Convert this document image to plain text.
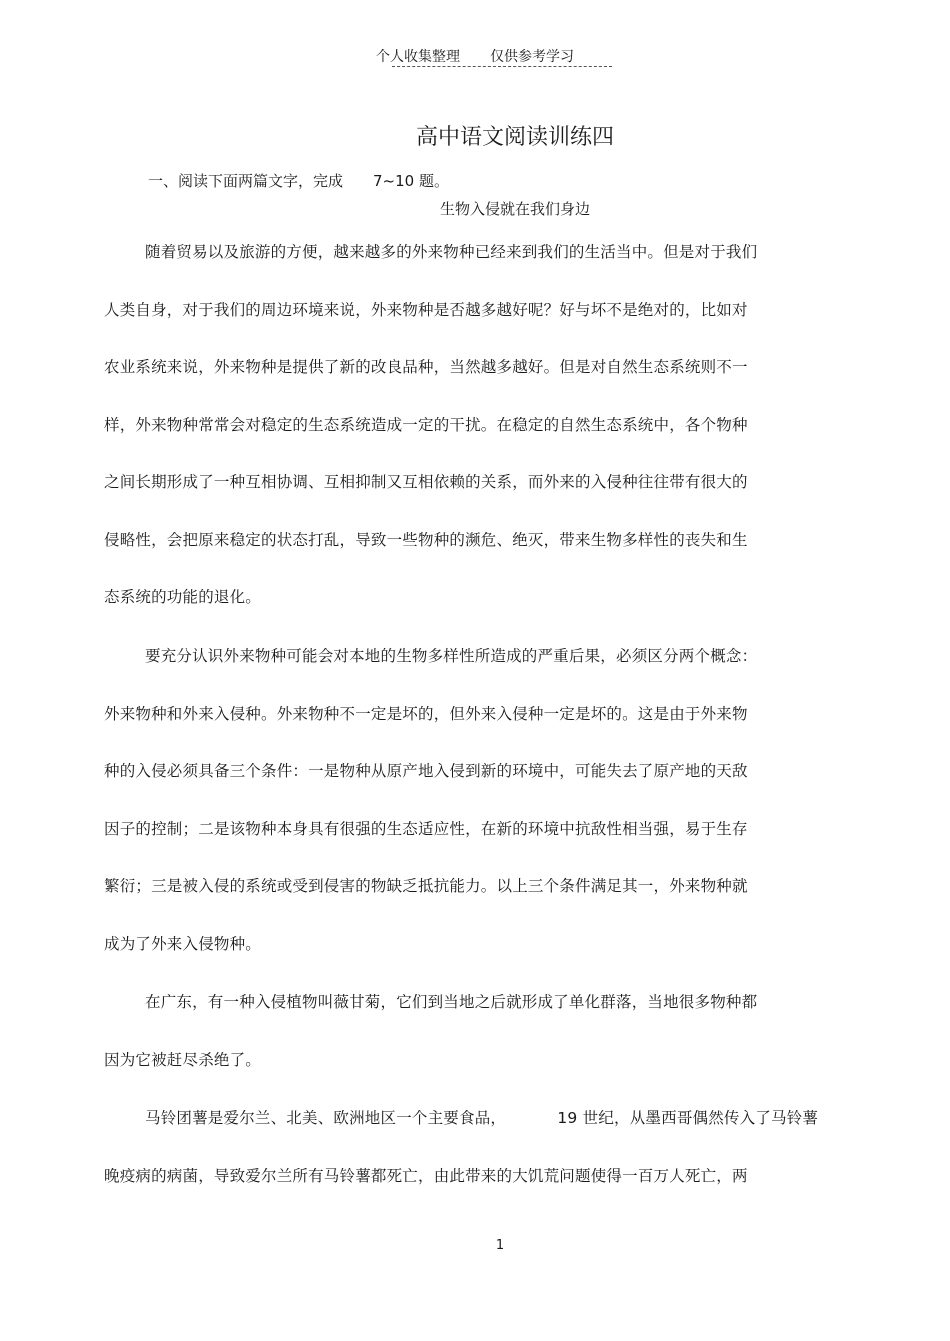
个人收集整理 仅供参考学习
高中语文阅读训练四
一、阅读下面两篇文字，完成 7~10 题。
生物入侵就在我们身边
随着贸易以及旅游的方便，越来越多的外来物种已经来到我们的生活当中。但是对于我们
人类自身，对于我们的周边环境来说，外来物种是否越多越好呢？好与坏不是绝对的，比如对
农业系统来说，外来物种是提供了新的改良品种，当然越多越好。但是对自然生态系统则不一
样，外来物种常常会对稳定的生态系统造成一定的干扰。在稳定的自然生态系统中，各个物种
之间长期形成了一种互相协调、互相抑制又互相依赖的关系，而外来的入侵种往往带有很大的
侵略性，会把原来稳定的状态打乱，导致一些物种的濒危、绝灭，带来生物多样性的丧失和生
态系统的功能的退化。
要充分认识外来物种可能会对本地的生物多样性所造成的严重后果，必须区分两个概念：
外来物种和外来入侵种。外来物种不一定是坏的，但外来入侵种一定是坏的。这是由于外来物
种的入侵必须具备三个条件：一是物种从原产地入侵到新的环境中，可能失去了原产地的天敌
因子的控制；二是该物种本身具有很强的生态适应性，在新的环境中抗敌性相当强，易于生存
繁衍；三是被入侵的系统或受到侵害的物缺乏抵抗能力。以上三个条件满足其一，外来物种就
成为了外来入侵物种。
在广东，有一种入侵植物叫薇甘菊，它们到当地之后就形成了单化群落，当地很多物种都
因为它被赶尽杀绝了。
马铃团薯是爱尔兰、北美、欧洲地区一个主要食品，          19 世纪，从墨西哥偶然传入了马铃薯
晚疫病的病菌，导致爱尔兰所有马铃薯都死亡，由此带来的大饥荒问题使得一百万人死亡，两
1
